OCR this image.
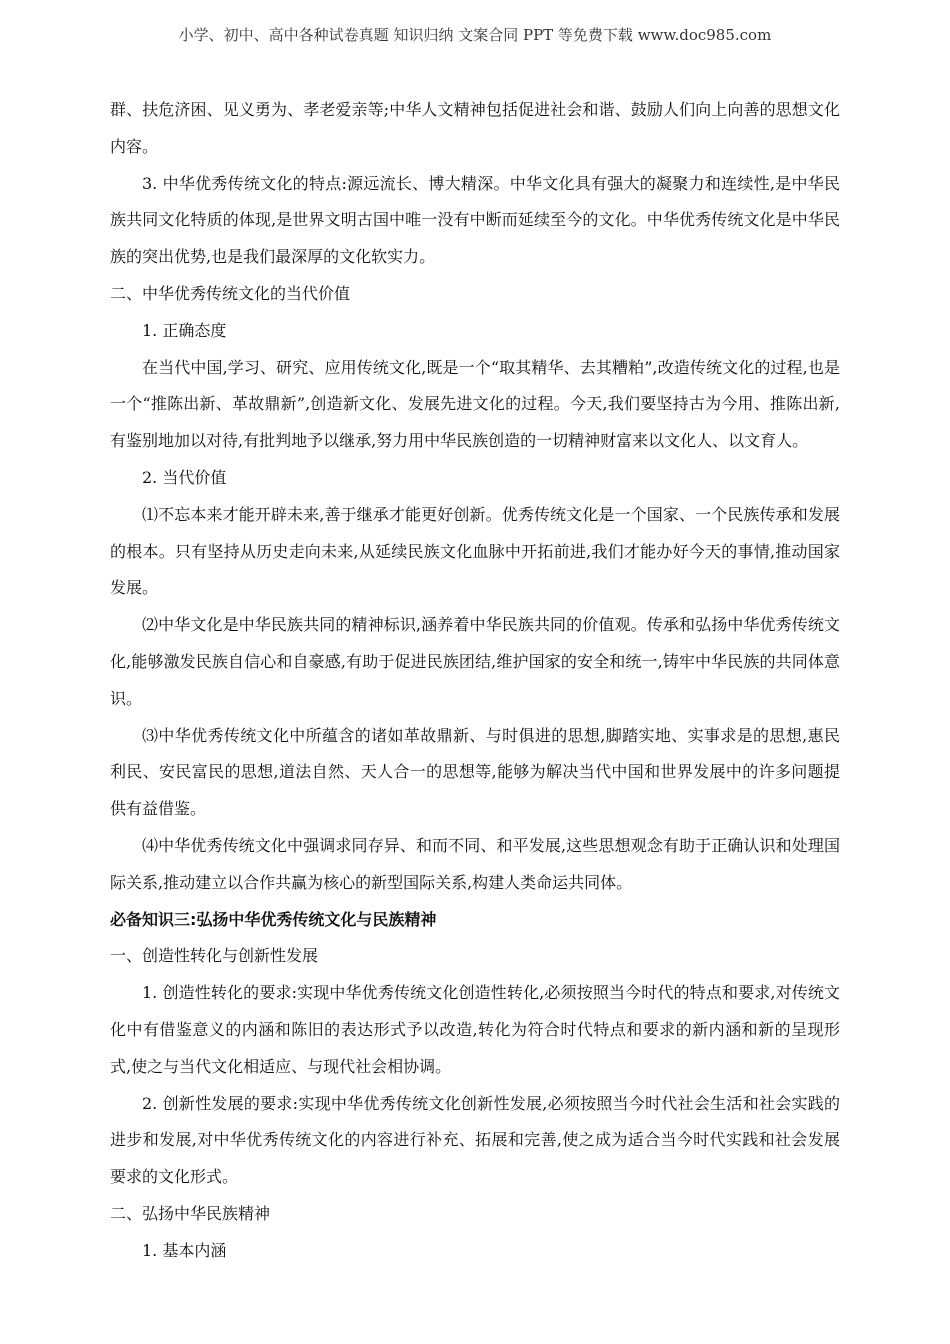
小学、初中、高中各种试卷真题 知识归纳 文案合同 PPT 等免费下载 www.doc985.com

群、扶危济困、见义勇为、孝老爱亲等;中华人文精神包括促进社会和谐、鼓励人们向上向善的思想文化内容。

3. 中华优秀传统文化的特点:源远流长、博大精深。中华文化具有强大的凝聚力和连续性,是中华民族共同文化特质的体现,是世界文明古国中唯一没有中断而延续至今的文化。中华优秀传统文化是中华民族的突出优势,也是我们最深厚的文化软实力。

二、中华优秀传统文化的当代价值

1. 正确态度

在当代中国,学习、研究、应用传统文化,既是一个“取其精华、去其糟粕”,改造传统文化的过程,也是一个“推陈出新、革故鼎新”,创造新文化、发展先进文化的过程。今天,我们要坚持古为今用、推陈出新,有鉴别地加以对待,有批判地予以继承,努力用中华民族创造的一切精神财富来以文化人、以文育人。

2. 当代价值

⑴不忘本来才能开辟未来,善于继承才能更好创新。优秀传统文化是一个国家、一个民族传承和发展的根本。只有坚持从历史走向未来,从延续民族文化血脉中开拓前进,我们才能办好今天的事情,推动国家发展。

⑵中华文化是中华民族共同的精神标识,涵养着中华民族共同的价值观。传承和弘扬中华优秀传统文化,能够激发民族自信心和自豪感,有助于促进民族团结,维护国家的安全和统一,铸牢中华民族的共同体意识。

⑶中华优秀传统文化中所蕴含的诸如革故鼎新、与时俱进的思想,脚踏实地、实事求是的思想,惠民利民、安民富民的思想,道法自然、天人合一的思想等,能够为解决当代中国和世界发展中的许多问题提供有益借鉴。

⑷中华优秀传统文化中强调求同存异、和而不同、和平发展,这些思想观念有助于正确认识和处理国际关系,推动建立以合作共赢为核心的新型国际关系,构建人类命运共同体。

必备知识三:弘扬中华优秀传统文化与民族精神

一、创造性转化与创新性发展

1. 创造性转化的要求:实现中华优秀传统文化创造性转化,必须按照当今时代的特点和要求,对传统文化中有借鉴意义的内涵和陈旧的表达形式予以改造,转化为符合时代特点和要求的新内涵和新的呈现形式,使之与当代文化相适应、与现代社会相协调。

2. 创新性发展的要求:实现中华优秀传统文化创新性发展,必须按照当今时代社会生活和社会实践的进步和发展,对中华优秀传统文化的内容进行补充、拓展和完善,使之成为适合当今时代实践和社会发展要求的文化形式。

二、弘扬中华民族精神

1. 基本内涵
